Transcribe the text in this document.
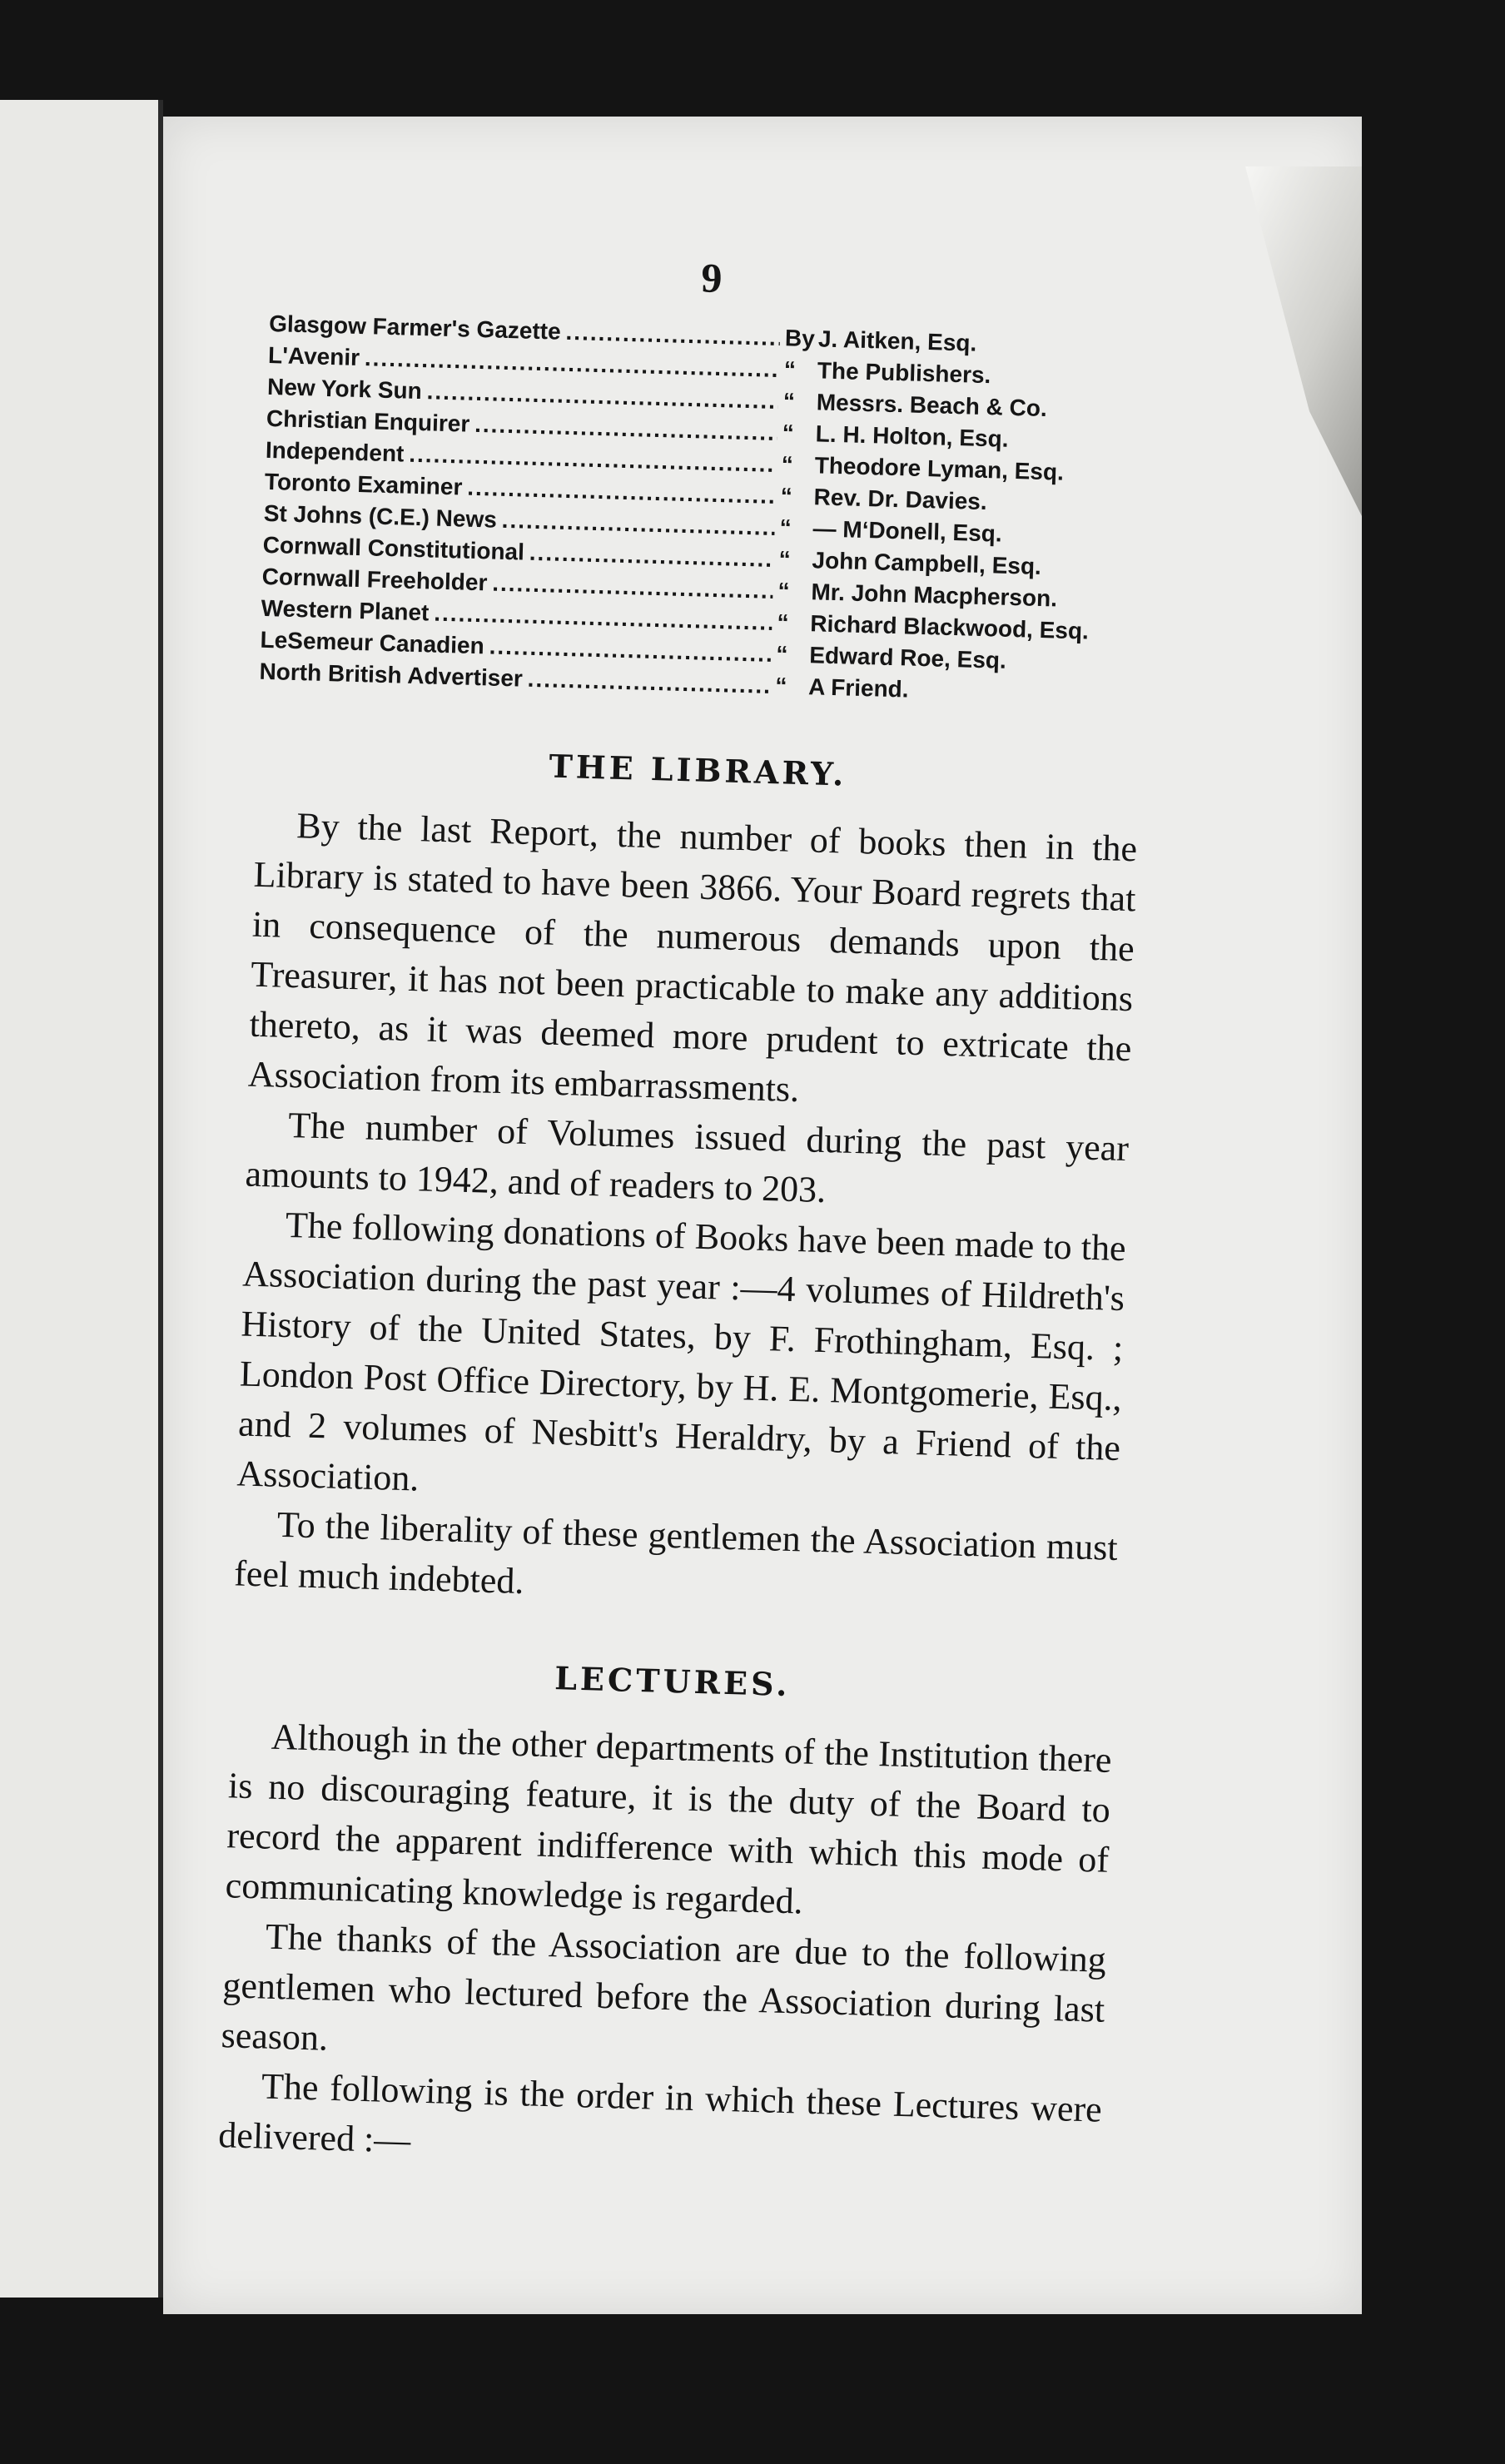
9
Glasgow Farmer's Gazette .....	By J. Aitken, Esq.
L'Avenir .....	“ The Publishers.
New York Sun .....	“ Messrs. Beach & Co.
Christian Enquirer .....	“ L. H. Holton, Esq.
Independent .....	“ Theodore Lyman, Esq.
Toronto Examiner .....	“ Rev. Dr. Davies.
St Johns (C.E.) News .....	“ — M‘Donell, Esq.
Cornwall Constitutional .....	“ John Campbell, Esq.
Cornwall Freeholder .....	“ Mr. John Macpherson.
Western Planet .....	“ Richard Blackwood, Esq.
LeSemeur Canadien .....	“ Edward Roe, Esq.
North British Advertiser .....	“ A Friend.
THE LIBRARY.

By the last Report, the number of books then in the Library is stated to have been 3866. Your Board regrets that in consequence of the numerous demands upon the Treasurer, it has not been practicable to make any additions thereto, as it was deemed more prudent to extricate the Association from its embarrassments.

The number of Volumes issued during the past year amounts to 1942, and of readers to 203.

The following donations of Books have been made to the Association during the past year :—4 volumes of Hildreth's History of the United States, by F. Frothingham, Esq. ; London Post Office Directory, by H. E. Montgomerie, Esq., and 2 volumes of Nesbitt's Heraldry, by a Friend of the Association.

To the liberality of these gentlemen the Association must feel much indebted.

LECTURES.

Although in the other departments of the Institution there is no discouraging feature, it is the duty of the Board to record the apparent indifference with which this mode of communicating knowledge is regarded.

The thanks of the Association are due to the following gentlemen who lectured before the Association during last season.

The following is the order in which these Lectures were delivered :—
